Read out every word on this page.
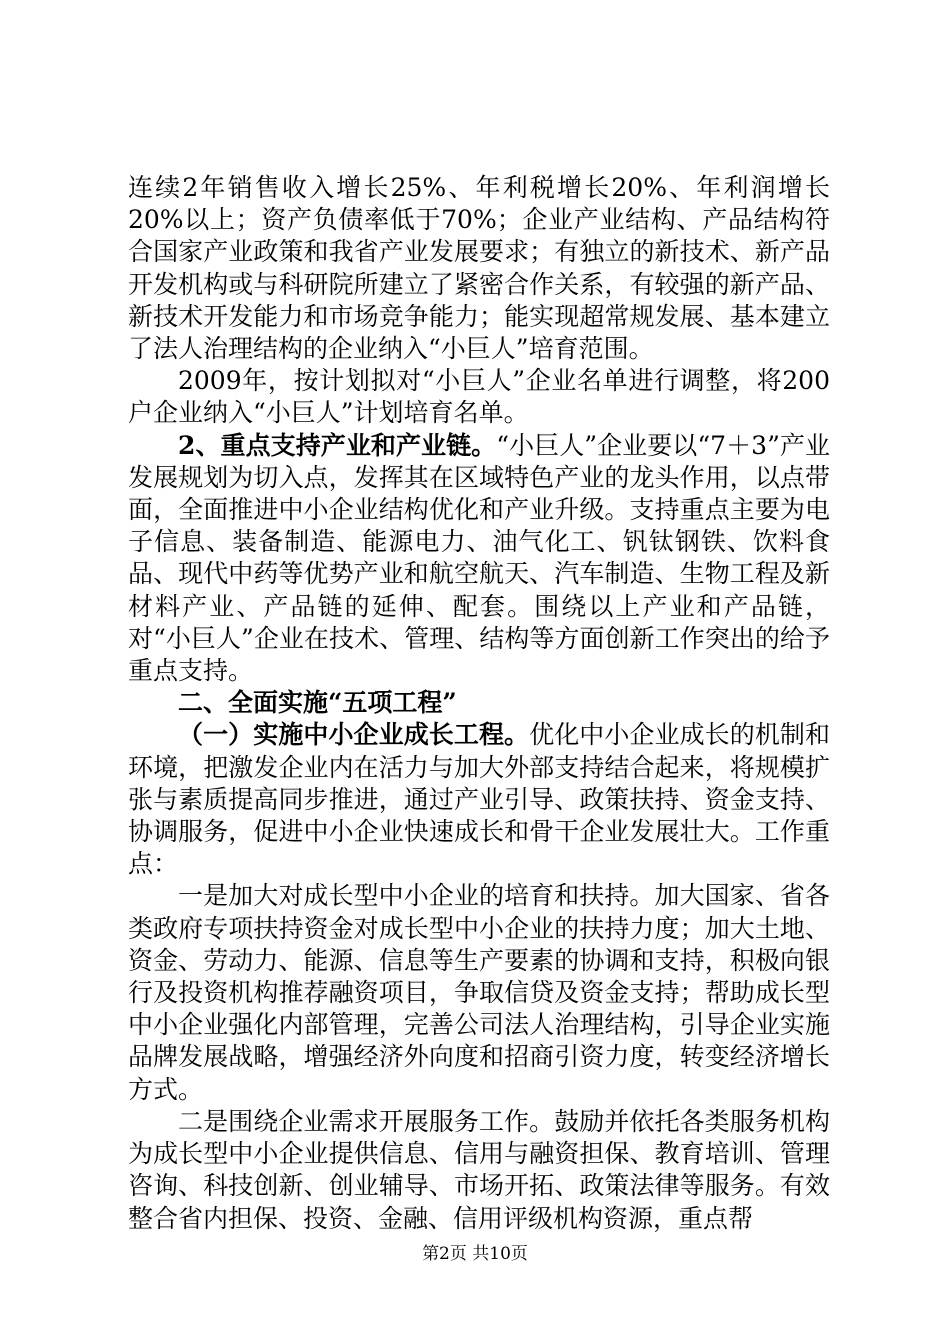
连续2年销售收入增长25%、年利税增长20%、年利润增长20%以上；资产负债率低于70%；企业产业结构、产品结构符合国家产业政策和我省产业发展要求；有独立的新技术、新产品开发机构或与科研院所建立了紧密合作关系，有较强的新产品、新技术开发能力和市场竞争能力；能实现超常规发展、基本建立了法人治理结构的企业纳入“小巨人”培育范围。

2009年，按计划拟对“小巨人”企业名单进行调整，将200户企业纳入“小巨人”计划培育名单。

2、重点支持产业和产业链。“小巨人”企业要以“7＋3”产业发展规划为切入点，发挥其在区域特色产业的龙头作用，以点带面，全面推进中小企业结构优化和产业升级。支持重点主要为电子信息、装备制造、能源电力、油气化工、钒钛钢铁、饮料食品、现代中药等优势产业和航空航天、汽车制造、生物工程及新材料产业、产品链的延伸、配套。围绕以上产业和产品链，对“小巨人”企业在技术、管理、结构等方面创新工作突出的给予重点支持。

二、全面实施“五项工程”

（一）实施中小企业成长工程。优化中小企业成长的机制和环境，把激发企业内在活力与加大外部支持结合起来，将规模扩张与素质提高同步推进，通过产业引导、政策扶持、资金支持、协调服务，促进中小企业快速成长和骨干企业发展壮大。工作重点：

一是加大对成长型中小企业的培育和扶持。加大国家、省各类政府专项扶持资金对成长型中小企业的扶持力度；加大土地、资金、劳动力、能源、信息等生产要素的协调和支持，积极向银行及投资机构推荐融资项目，争取信贷及资金支持；帮助成长型中小企业强化内部管理，完善公司法人治理结构，引导企业实施品牌发展战略，增强经济外向度和招商引资力度，转变经济增长方式。

二是围绕企业需求开展服务工作。鼓励并依托各类服务机构为成长型中小企业提供信息、信用与融资担保、教育培训、管理咨询、科技创新、创业辅导、市场开拓、政策法律等服务。有效整合省内担保、投资、金融、信用评级机构资源，重点帮

第2页 共10页
